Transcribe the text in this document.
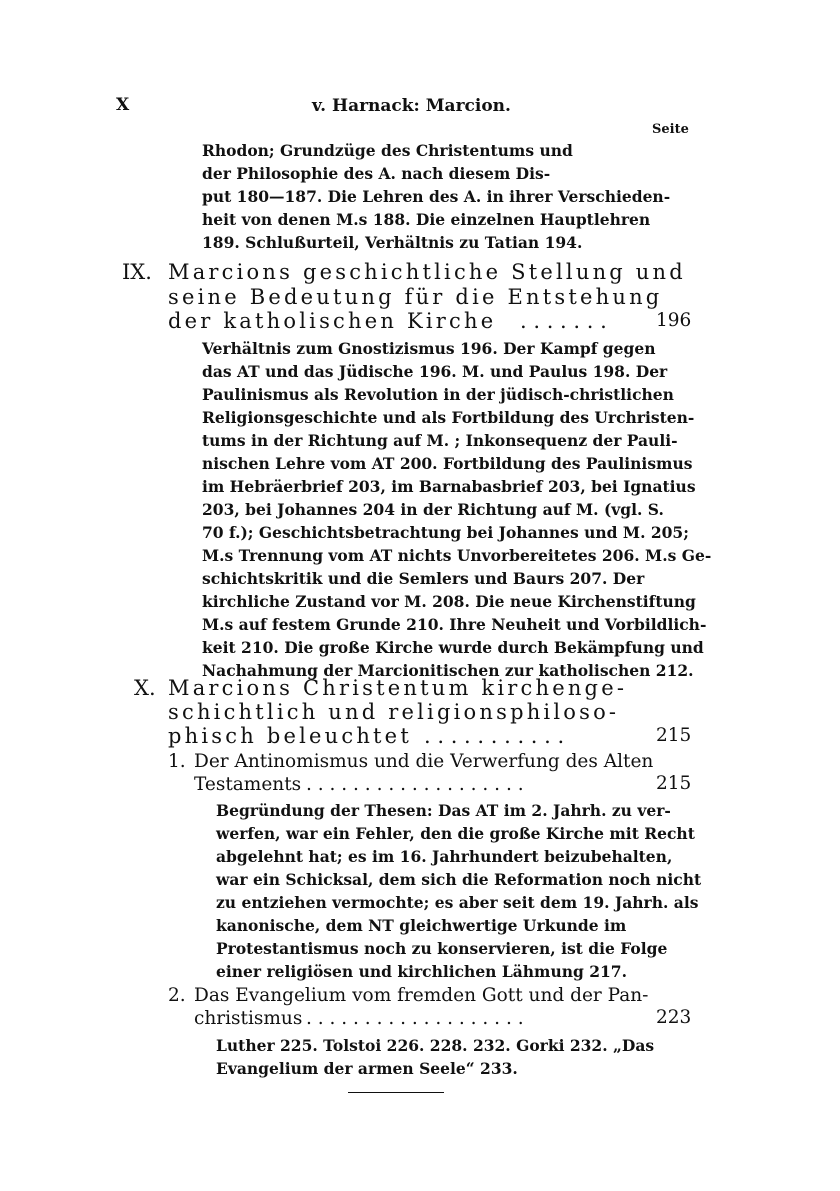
X	v. Harnack: Marcion.
Seite
Rhodon; Grundzüge des Christentums und
der Philosophie des A. nach diesem Dis-
put 180—187. Die Lehren des A. in ihrer Verschieden-
heit von denen M.s 188. Die einzelnen Hauptlehren
189. Schlußurteil, Verhältnis zu Tatian 194.
IX. Marcions geschichtliche Stellung und
seine Bedeutung für die Entstehung
der katholischen Kirche . . . . . . .	196
Verhältnis zum Gnostizismus 196. Der Kampf gegen
das AT und das Jüdische 196. M. und Paulus 198. Der
Paulinismus als Revolution in der jüdisch-christlichen
Religionsgeschichte und als Fortbildung des Urchristen-
tums in der Richtung auf M. ; Inkonsequenz der Pauli-
nischen Lehre vom AT 200. Fortbildung des Paulinismus
im Hebräerbrief 203, im Barnabasbrief 203, bei Ignatius
203, bei Johannes 204 in der Richtung auf M. (vgl. S.
70 f.); Geschichtsbetrachtung bei Johannes und M. 205;
M.s Trennung vom AT nichts Unvorbereitetes 206. M.s Ge-
schichtskritik und die Semlers und Baurs 207. Der
kirchliche Zustand vor M. 208. Die neue Kirchenstiftung
M.s auf festem Grunde 210. Ihre Neuheit und Vorbildlich-
keit 210. Die große Kirche wurde durch Bekämpfung und
Nachahmung der Marcionitischen zur katholischen 212.
X. Marcions Christentum kirchenge-
schichtlich und religionsphiloso-
phisch beleuchtet . . . . . . . . . . .	215
1. Der Antinomismus und die Verwerfung des Alten
Testaments . . . . . . . . . . . . . . . . . . .	215
Begründung der Thesen: Das AT im 2. Jahrh. zu ver-
werfen, war ein Fehler, den die große Kirche mit Recht
abgelehnt hat; es im 16. Jahrhundert beizubehalten,
war ein Schicksal, dem sich die Reformation noch nicht
zu entziehen vermochte; es aber seit dem 19. Jahrh. als
kanonische, dem NT gleichwertige Urkunde im
Protestantismus noch zu konservieren, ist die Folge
einer religiösen und kirchlichen Lähmung 217.
2. Das Evangelium vom fremden Gott und der Pan-
christismus . . . . . . . . . . . . . . . . . . .	223
Luther 225. Tolstoi 226. 228. 232. Gorki 232. „Das
Evangelium der armen Seele“ 233.
